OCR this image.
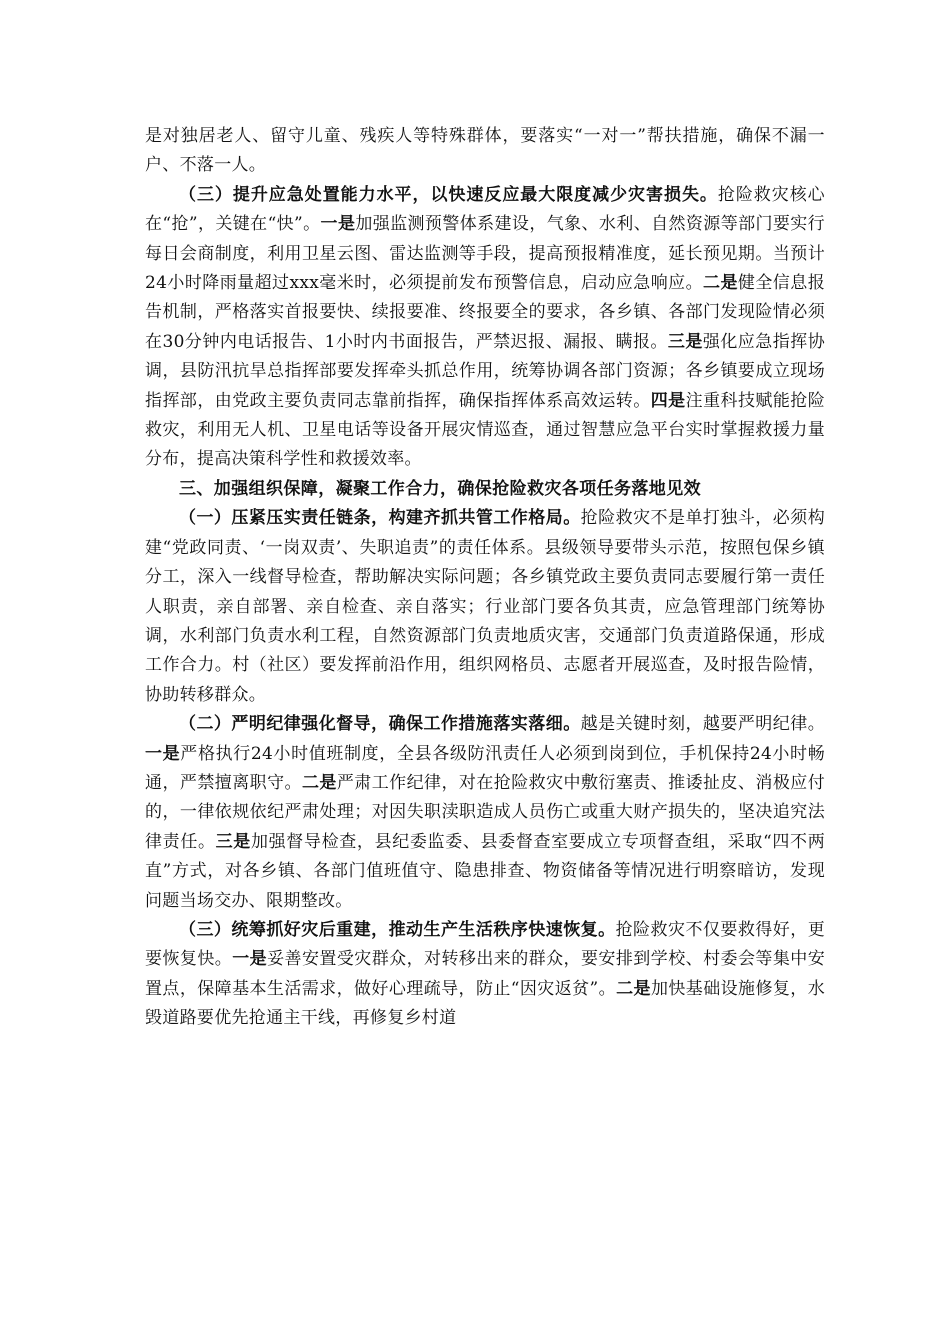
是对独居老人、留守儿童、残疾人等特殊群体，要落实“一对一”帮扶措施，确保不漏一户、不落一人。

（三）提升应急处置能力水平，以快速反应最大限度减少灾害损失。抢险救灾核心在“抢”，关键在“快”。一是加强监测预警体系建设，气象、水利、自然资源等部门要实行每日会商制度，利用卫星云图、雷达监测等手段，提高预报精准度，延长预见期。当预计24小时降雨量超过xxx毫米时，必须提前发布预警信息，启动应急响应。二是健全信息报告机制，严格落实首报要快、续报要准、终报要全的要求，各乡镇、各部门发现险情必须在30分钟内电话报告、1小时内书面报告，严禁迟报、漏报、瞒报。三是强化应急指挥协调，县防汛抗旱总指挥部要发挥牵头抓总作用，统筹协调各部门资源；各乡镇要成立现场指挥部，由党政主要负责同志靠前指挥，确保指挥体系高效运转。四是注重科技赋能抢险救灾，利用无人机、卫星电话等设备开展灾情巡查，通过智慧应急平台实时掌握救援力量分布，提高决策科学性和救援效率。

三、加强组织保障，凝聚工作合力，确保抢险救灾各项任务落地见效

（一）压紧压实责任链条，构建齐抓共管工作格局。抢险救灾不是单打独斗，必须构建“党政同责、‘一岗双责’、失职追责”的责任体系。县级领导要带头示范，按照包保乡镇分工，深入一线督导检查，帮助解决实际问题；各乡镇党政主要负责同志要履行第一责任人职责，亲自部署、亲自检查、亲自落实；行业部门要各负其责，应急管理部门统筹协调，水利部门负责水利工程，自然资源部门负责地质灾害，交通部门负责道路保通，形成工作合力。村（社区）要发挥前沿作用，组织网格员、志愿者开展巡查，及时报告险情，协助转移群众。

（二）严明纪律强化督导，确保工作措施落实落细。越是关键时刻，越要严明纪律。一是严格执行24小时值班制度，全县各级防汛责任人必须到岗到位，手机保持24小时畅通，严禁擅离职守。二是严肃工作纪律，对在抢险救灾中敷衍塞责、推诿扯皮、消极应付的，一律依规依纪严肃处理；对因失职渎职造成人员伤亡或重大财产损失的，坚决追究法律责任。三是加强督导检查，县纪委监委、县委督查室要成立专项督查组，采取“四不两直”方式，对各乡镇、各部门值班值守、隐患排查、物资储备等情况进行明察暗访，发现问题当场交办、限期整改。

（三）统筹抓好灾后重建，推动生产生活秩序快速恢复。抢险救灾不仅要救得好，更要恢复快。一是妥善安置受灾群众，对转移出来的群众，要安排到学校、村委会等集中安置点，保障基本生活需求，做好心理疏导，防止“因灾返贫”。二是加快基础设施修复，水毁道路要优先抢通主干线，再修复乡村道
